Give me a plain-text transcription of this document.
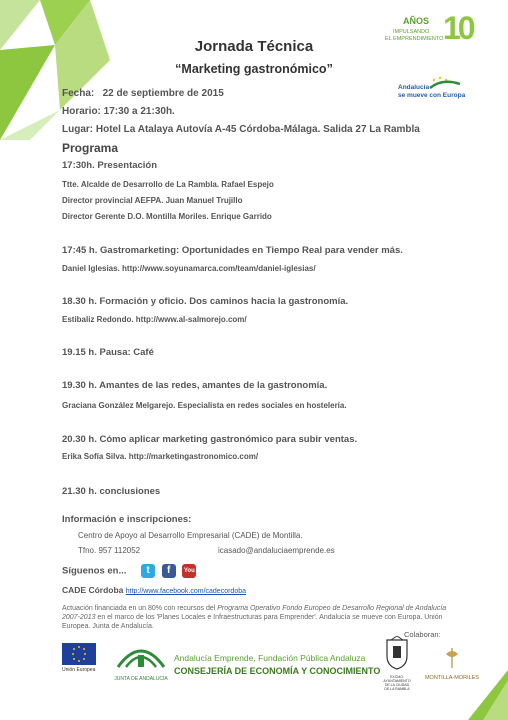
AÑOS
IMPULSANDO
EL EMPRENDIMIENTO 10
Andalucía
se mueve con Europa
Jornada Técnica
“Marketing gastronómico”
Fecha: 22 de septiembre de 2015
Horario: 17:30 a 21:30h.
Lugar: Hotel La Atalaya Autovía A-45 Córdoba-Málaga. Salida 27 La Rambla
Programa
17:30h. Presentación
Ttte. Alcalde de Desarrollo de La Rambla. Rafael Espejo
Director provincial AEFPA. Juan Manuel Trujillo
Director Gerente D.O. Montilla Moriles. Enrique Garrido
17:45 h. Gastromarketing: Oportunidades en Tiempo Real para vender más.
Daniel Iglesias. http://www.soyunamarca.com/team/daniel-iglesias/
18.30 h. Formación y oficio. Dos caminos hacia la gastronomía.
Estibaliz Redondo. http://www.al-salmorejo.com/
19.15 h. Pausa: Café
19.30 h. Amantes de las redes, amantes de la gastronomía.
Graciana González Melgarejo. Especialista en redes sociales en hostelería.
20.30 h. Cómo aplicar marketing gastronómico para subir ventas.
Erika Sofía Silva. http://marketingastronomico.com/
21.30 h. conclusiones
Información e inscripciones:
Centro de Apoyo al Desarrollo Empresarial (CADE) de Montilla.
Tfno. 957 112052	icasado@andaluciaemprende.es
Síguenos en... t f You
CADE Córdoba http://www.facebook.com/cadecordoba
Actuación financiada en un 80% con recursos del Programa Operativo Fondo Europeo de Desarrollo Regional de Andalucía 2007-2013 en el marco de los 'Planes Locales e Infraestructuras para Emprender'. Andalucía se mueve con Europa. Unión Europea. Junta de Andalucía.
Colaboran:
Unión Europea
JUNTA DE ANDALUCIA
Andalucía Emprende, Fundación Pública Andaluza
CONSEJERÍA DE ECONOMÍA Y CONOCIMIENTO
EXCMO. AYUNTAMIENTO DE LA CIUDAD DE LA RAMBLA
MONTILLA-MORILES
